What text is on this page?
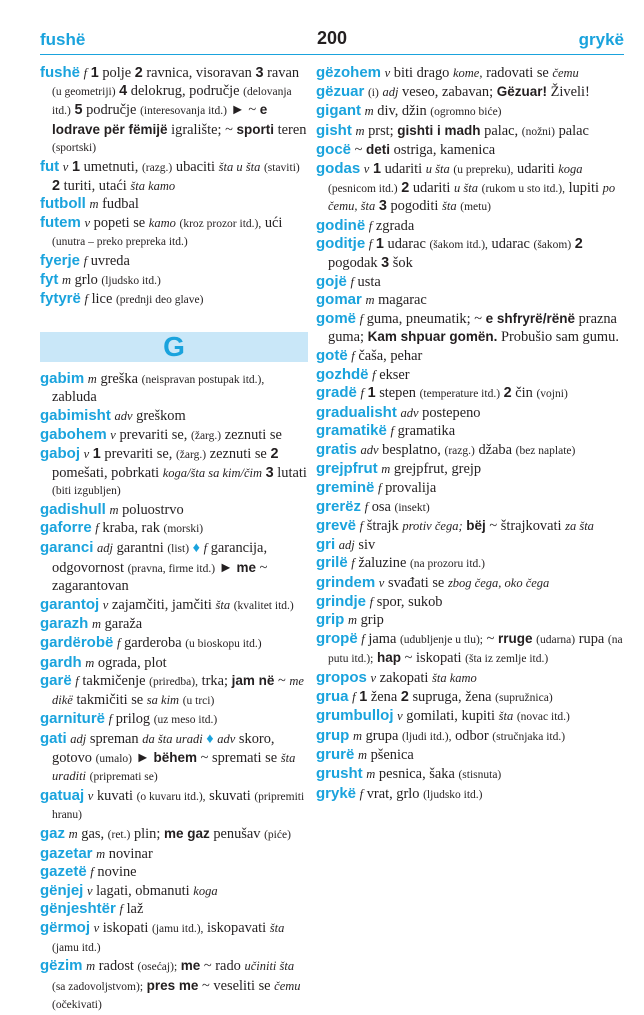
fushë	200	grykë

fushë f 1 polje 2 ravnica, visoravan 3 ravan (u geometriji) 4 delokrug, područje (delovanja itd.) 5 područje (interesovanja itd.) ► ~ e lodrave për fëmijë igralište; ~ sporti teren (sportski)

fut v 1 umetnuti, (razg.) ubaciti šta u šta (staviti) 2 turiti, utaći šta kamo

futboll m fudbal

futem v popeti se kamo (kroz prozor itd.), ući (unutra – preko prepreka itd.)

fyerje f uvreda

fyt m grlo (ljudsko itd.)

fytyrë f lice (prednji deo glave)

G

gabim m greška (neispravan postupak itd.), zabluda

gabimisht adv greškom

gabohem v prevariti se, (žarg.) zeznuti se

gaboj v 1 prevariti se, (žarg.) zeznuti se 2 pomešati, pobrkati koga/šta sa kim/čim 3 lutati (biti izgubljen)

gadishull m poluostrvo

gaforre f kraba, rak (morski)

garanci adj garantni (list) ♦ f garancija, odgovornost (pravna, firme itd.) ► me ~ zagarantovan

garantoj v zajamčiti, jamčiti šta (kvalitet itd.)

garazh m garaža

gardërobë f garderoba (u bioskopu itd.)

gardh m ograda, plot

garë f takmičenje (priredba), trka; jam në ~ me dikë takmičiti se sa kim (u trci)

garniturë f prilog (uz meso itd.)

gati adj spreman da šta uradi ♦ adv skoro, gotovo (umalo) ► bëhem ~ spremati se šta uraditi (pripremati se)

gatuaj v kuvati (o kuvaru itd.), skuvati (pripremiti hranu)

gaz m gas, (ret.) plin; me gaz penušav (piće)

gazetar m novinar

gazetë f novine

gënjej v lagati, obmanuti koga

gënjeshtër f laž

gërmoj v iskopati (jamu itd.), iskopavati šta (jamu itd.)

gëzim m radost (osećaj); me ~ rado učiniti šta (sa zadovoljstvom); pres me ~ veseliti se čemu (očekivati)

gëzohem v biti drago kome, radovati se čemu

gëzuar (i) adj veseo, zabavan; Gëzuar! Živeli!

gigant m div, džin (ogromno biće)

gisht m prst; gishti i madh palac, (nožni) palac

gocë ~ deti ostriga, kamenica

godas v 1 udariti u šta (u prepreku), udariti koga (pesnicom itd.) 2 udariti u šta (rukom u sto itd.), lupiti po čemu, šta 3 pogoditi šta (metu)

godinë f zgrada

goditje f 1 udarac (šakom itd.), udarac (šakom) 2 pogodak 3 šok

gojë f usta

gomar m magarac

gomë f guma, pneumatik; ~ e shfryrë/rënë prazna guma; Kam shpuar gomën. Probušio sam gumu.

gotë f čaša, pehar

gozhdë f ekser

gradë f 1 stepen (temperature itd.) 2 čin (vojni)

gradualisht adv postepeno

gramatikë f gramatika

gratis adv besplatno, (razg.) džaba (bez naplate)

grejpfrut m grejpfrut, grejp

greminë f provalija

grerëz f osa (insekt)

grevë f štrajk protiv čega; bëj ~ štrajkovati za šta

gri adj siv

grilë f žaluzine (na prozoru itd.)

grindem v svađati se zbog čega, oko čega

grindje f spor, sukob

grip m grip

gropë f jama (udubljenje u tlu); ~ rruge (udarna) rupa (na putu itd.); hap ~ iskopati (šta iz zemlje itd.)

gropos v zakopati šta kamo

grua f 1 žena 2 supruga, žena (supružnica)

grumbulloj v gomilati, kupiti šta (novac itd.)

grup m grupa (ljudi itd.), odbor (stručnjaka itd.)

grurë m pšenica

grusht m pesnica, šaka (stisnuta)

grykë f vrat, grlo (ljudsko itd.)
